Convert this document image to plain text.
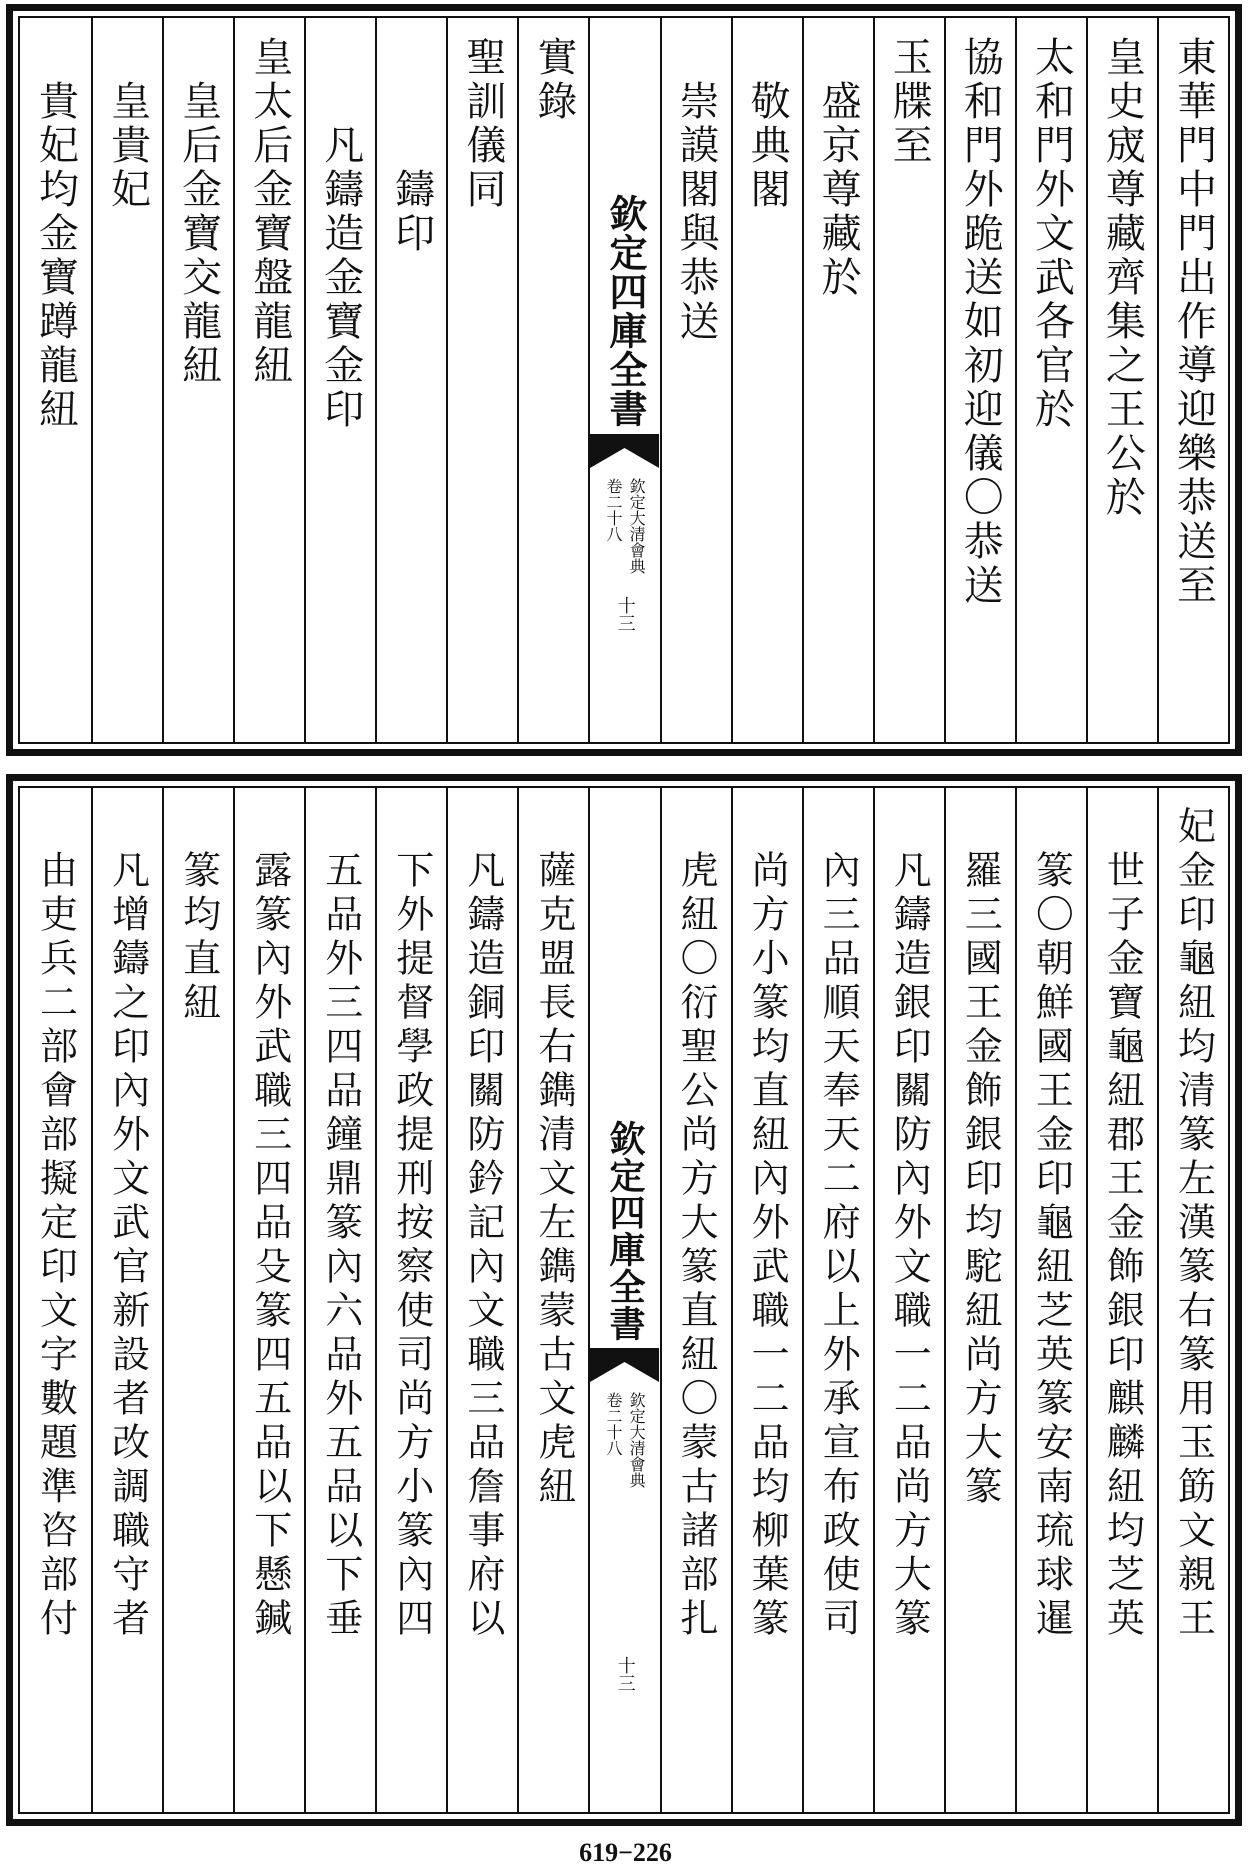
貴妃均金寶蹲龍紐 皇貴妃 皇后金寶交龍紐 皇太后金寶盤龍紐 凡鑄造金寶金印 鑄印 聖訓儀同 實錄
欽定四庫全書
欽定大清會典
卷二十八
十三
崇謨閣與恭送 敬典閣 盛京尊藏於 玉牒至 協和門外跪送如初迎儀〇恭送 太和門外文武各官於 皇史宬尊藏齊集之王公於 東華門中門出作導迎樂恭送至
由吏兵二部會部擬定印文字數題準咨部付 凡增鑄之印內外文武官新設者改調職守者 篆均直紐 露篆內外武職三四品殳篆四五品以下懸鍼 五品外三四品鐘鼎篆內六品外五品以下垂 下外提督學政提刑按察使司尚方小篆內四 凡鑄造銅印關防鈐記內文職三品詹事府以 薩克盟長右鐫清文左鐫蒙古文虎紐 欽定四庫全書
欽定大清會典
卷二十八
十三
虎紐〇衍聖公尚方大篆直紐〇蒙古諸部扎 尚方小篆均直紐內外武職一二品均柳葉篆 內三品順天奉天二府以上外承宣布政使司 凡鑄造銀印關防內外文職一二品尚方大篆 羅三國王金飾銀印均駝紐尚方大篆 篆〇朝鮮國王金印龜紐芝英篆安南琉球暹 世子金寶龜紐郡王金飾銀印麒麟紐均芝英 妃金印龜紐均清篆左漢篆右篆用玉筯文親王
619−226
